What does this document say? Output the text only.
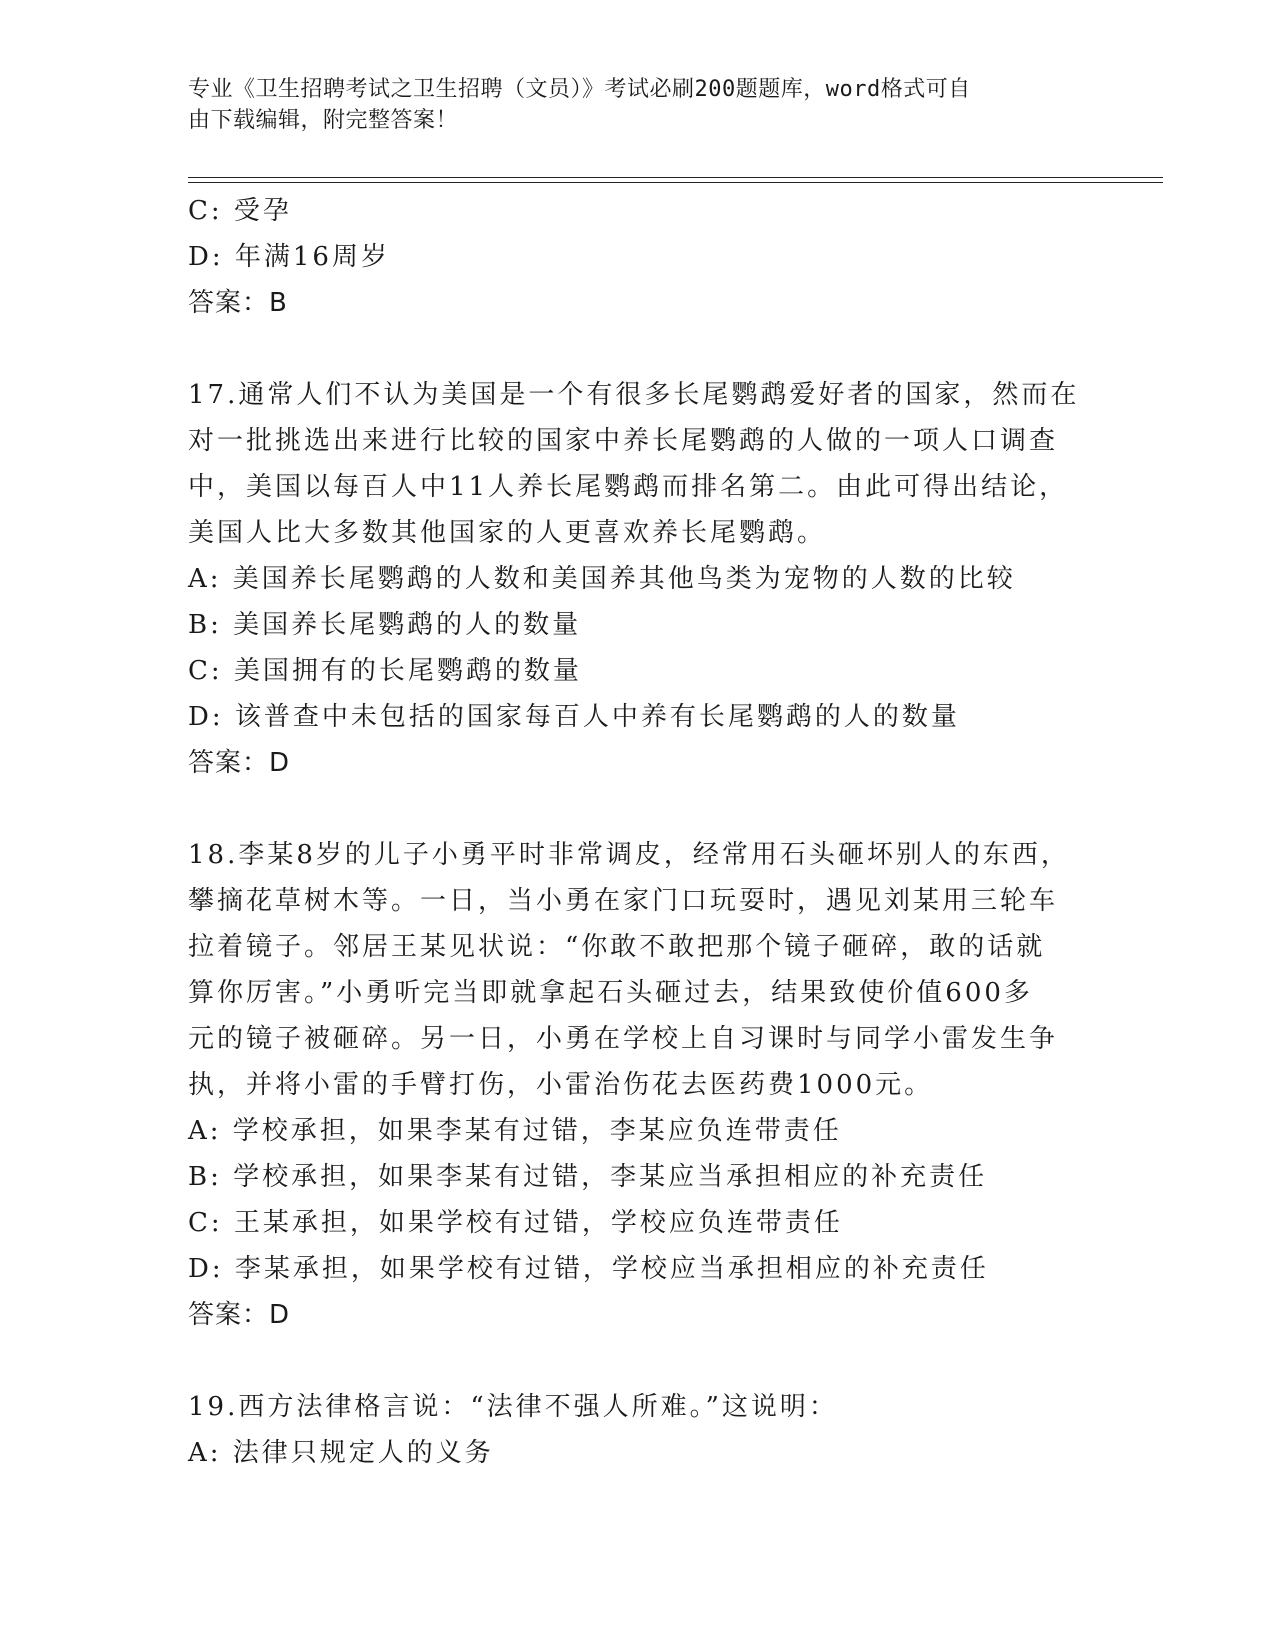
专业《卫生招聘考试之卫生招聘（文员）》考试必刷200题题库，word格式可自
由下载编辑，附完整答案！
C: 受孕
D: 年满16周岁
答案：B
17.通常人们不认为美国是一个有很多长尾鹦鹉爱好者的国家，然而在
对一批挑选出来进行比较的国家中养长尾鹦鹉的人做的一项人口调查
中，美国以每百人中11人养长尾鹦鹉而排名第二。由此可得出结论，
美国人比大多数其他国家的人更喜欢养长尾鹦鹉。
A: 美国养长尾鹦鹉的人数和美国养其他鸟类为宠物的人数的比较
B: 美国养长尾鹦鹉的人的数量
C: 美国拥有的长尾鹦鹉的数量
D: 该普查中未包括的国家每百人中养有长尾鹦鹉的人的数量
答案：D
18.李某8岁的儿子小勇平时非常调皮，经常用石头砸坏别人的东西，
攀摘花草树木等。一日，当小勇在家门口玩耍时，遇见刘某用三轮车
拉着镜子。邻居王某见状说：“你敢不敢把那个镜子砸碎，敢的话就
算你厉害。”小勇听完当即就拿起石头砸过去，结果致使价值600多
元的镜子被砸碎。另一日，小勇在学校上自习课时与同学小雷发生争
执，并将小雷的手臂打伤，小雷治伤花去医药费1000元。
A: 学校承担，如果李某有过错，李某应负连带责任
B: 学校承担，如果李某有过错，李某应当承担相应的补充责任
C: 王某承担，如果学校有过错，学校应负连带责任
D: 李某承担，如果学校有过错，学校应当承担相应的补充责任
答案：D
19.西方法律格言说：“法律不强人所难。”这说明：
A: 法律只规定人的义务
